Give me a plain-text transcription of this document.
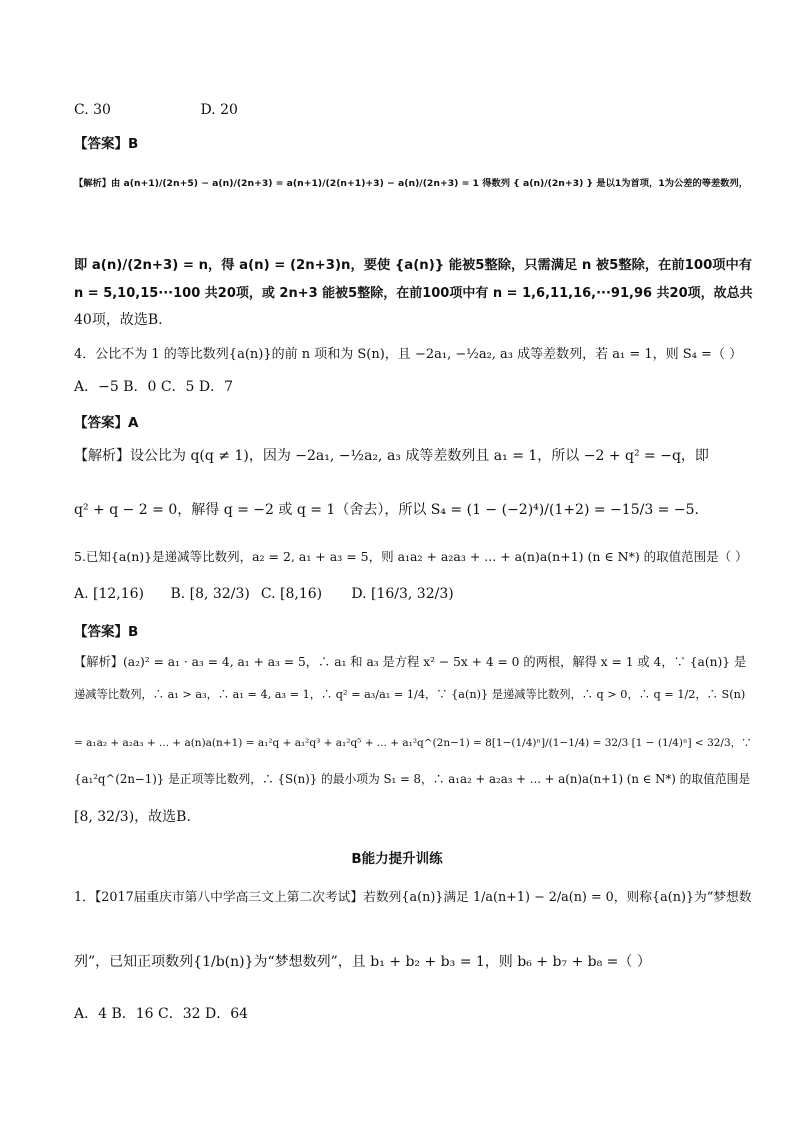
C. 30	D. 20
【答案】B
【解析】由 a(n+1)/(2n+5) − a(n)/(2n+3) = a(n+1)/(2(n+1)+3) − a(n)/(2n+3) = 1 得数列 { a(n)/(2n+3) } 是以1为首项，1为公差的等差数列，
即 a(n)/(2n+3) = n，得 a(n) = (2n+3)n，要使 {a(n)} 能被5整除，只需满足 n 被5整除，在前100项中有
n = 5,10,15···100 共20项，或 2n+3 能被5整除，在前100项中有 n = 1,6,11,16,···91,96 共20项，故总共
40项，故选B.
4．公比不为 1 的等比数列{a(n)}的前 n 项和为 S(n)，且 −2a₁, −½a₂, a₃ 成等差数列，若 a₁ = 1，则 S₄ =（ ）
A．−5 B．0 C．5 D．7
【答案】A
【解析】设公比为 q(q ≠ 1)，因为 −2a₁, −½a₂, a₃ 成等差数列且 a₁ = 1，所以 −2 + q² = −q，即
q² + q − 2 = 0，解得 q = −2 或 q = 1（舍去），所以 S₄ = (1 − (−2)⁴)/(1+2) = −15/3 = −5.
5.已知{a(n)}是递减等比数列，a₂ = 2, a₁ + a₃ = 5，则 a₁a₂ + a₂a₃ + ... + a(n)a(n+1) (n ∈ N*) 的取值范围是（ ）
A. [12,16) B. [8, 32/3) C. [8,16) D. [16/3, 32/3)
【答案】B
【解析】(a₂)² = a₁ · a₃ = 4, a₁ + a₃ = 5，∴ a₁ 和 a₃ 是方程 x² − 5x + 4 = 0 的两根，解得 x = 1 或 4，∵ {a(n)} 是
递减等比数列，∴ a₁ > a₃，∴ a₁ = 4, a₃ = 1，∴ q² = a₃/a₁ = 1/4，∵ {a(n)} 是递减等比数列，∴ q > 0，∴ q = 1/2，∴ S(n)
= a₁a₂ + a₂a₃ + ... + a(n)a(n+1) = a₁²q + a₁²q³ + a₁²q⁵ + ... + a₁²q^(2n−1) = 8[1−(1/4)ⁿ]/(1−1/4) = 32/3 [1 − (1/4)ⁿ] < 32/3，∵
{a₁²q^(2n−1)} 是正项等比数列，∴ {S(n)} 的最小项为 S₁ = 8，∴ a₁a₂ + a₂a₃ + ... + a(n)a(n+1) (n ∈ N*) 的取值范围是
[8, 32/3)，故选B.
B能力提升训练
1．【2017届重庆市第八中学高三文上第二次考试】若数列{a(n)}满足 1/a(n+1) − 2/a(n) = 0，则称{a(n)}为“梦想数
列”，已知正项数列{1/b(n)}为“梦想数列”，且 b₁ + b₂ + b₃ = 1，则 b₆ + b₇ + b₈ =（ ）
A．4 B．16 C．32 D．64
